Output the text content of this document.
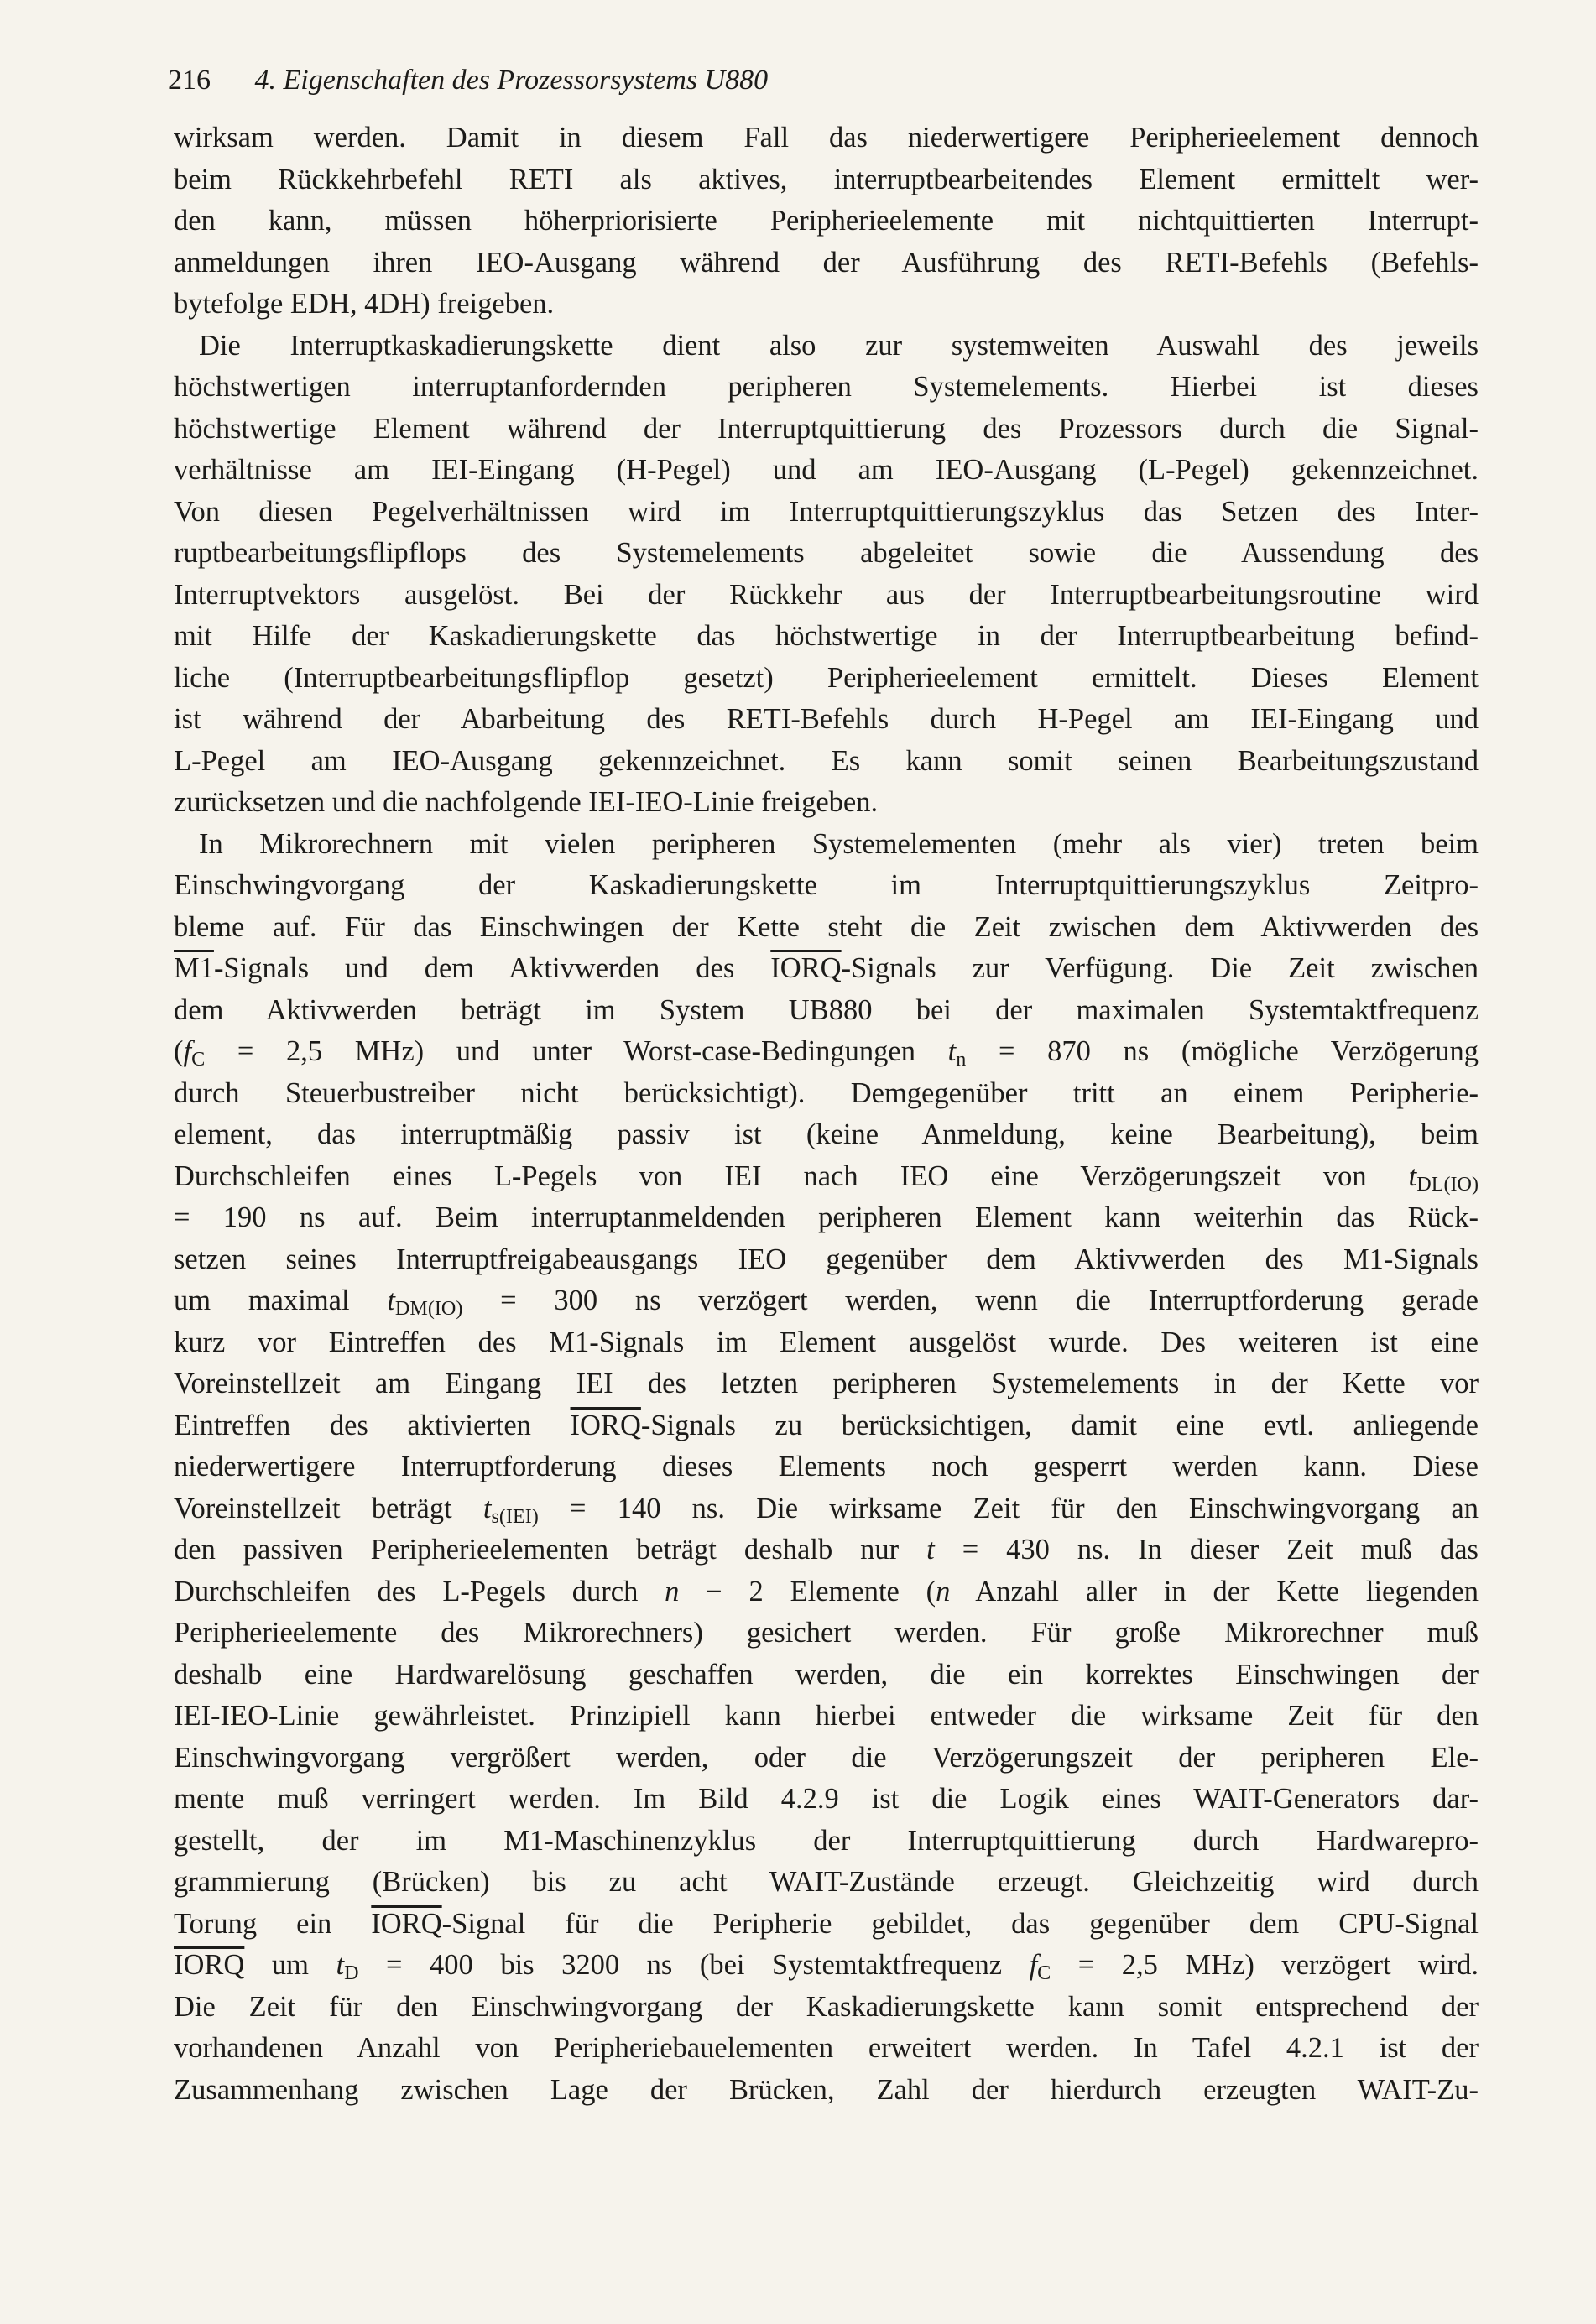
216 4. Eigenschaften des Prozessorsystems U880
wirksam werden. Damit in diesem Fall das niederwertigere Peripherieelement dennoch
beim Rückkehrbefehl RETI als aktives, interruptbearbeitendes Element ermittelt wer-
den kann, müssen höherpriorisierte Peripherieelemente mit nichtquittierten Interrupt-
anmeldungen ihren IEO-Ausgang während der Ausführung des RETI-Befehls (Befehls-
bytefolge EDH, 4DH) freigeben.
Die Interruptkaskadierungskette dient also zur systemweiten Auswahl des jeweils
höchstwertigen interruptanfordernden peripheren Systemelements. Hierbei ist dieses
höchstwertige Element während der Interruptquittierung des Prozessors durch die Signal-
verhältnisse am IEI-Eingang (H-Pegel) und am IEO-Ausgang (L-Pegel) gekennzeichnet.
Von diesen Pegelverhältnissen wird im Interruptquittierungszyklus das Setzen des Inter-
ruptbearbeitungsflipflops des Systemelements abgeleitet sowie die Aussendung des
Interruptvektors ausgelöst. Bei der Rückkehr aus der Interruptbearbeitungsroutine wird
mit Hilfe der Kaskadierungskette das höchstwertige in der Interruptbearbeitung befind-
liche (Interruptbearbeitungsflipflop gesetzt) Peripherieelement ermittelt. Dieses Element
ist während der Abarbeitung des RETI-Befehls durch H-Pegel am IEI-Eingang und
L-Pegel am IEO-Ausgang gekennzeichnet. Es kann somit seinen Bearbeitungszustand
zurücksetzen und die nachfolgende IEI-IEO-Linie freigeben.
In Mikrorechnern mit vielen peripheren Systemelementen (mehr als vier) treten beim
Einschwingvorgang der Kaskadierungskette im Interruptquittierungszyklus Zeitpro-
bleme auf. Für das Einschwingen der Kette steht die Zeit zwischen dem Aktivwerden des
M1-Signals und dem Aktivwerden des IORQ-Signals zur Verfügung. Die Zeit zwischen
dem Aktivwerden beträgt im System UB880 bei der maximalen Systemtaktfrequenz
($f_C = 2,5$ MHz) und unter Worst-case-Bedingungen $t_n = 870$ ns (mögliche Verzögerung
durch Steuerbustreiber nicht berücksichtigt). Demgegenüber tritt an einem Peripherie-
element, das interruptmäßig passiv ist (keine Anmeldung, keine Bearbeitung), beim
Durchschleifen eines L-Pegels von IEI nach IEO eine Verzögerungszeit von $t_{DL(IO)}$
= 190 ns auf. Beim interruptanmeldenden peripheren Element kann weiterhin das Rück-
setzen seines Interruptfreigabeausgangs IEO gegenüber dem Aktivwerden des M1-Signals
um maximal $t_{DM(IO)} = 300$ ns verzögert werden, wenn die Interruptforderung gerade
kurz vor Eintreffen des M1-Signals im Element ausgelöst wurde. Des weiteren ist eine
Voreinstellzeit am Eingang IEI des letzten peripheren Systemelements in der Kette vor
Eintreffen des aktivierten IORQ-Signals zu berücksichtigen, damit eine evtl. anliegende
niederwertigere Interruptforderung dieses Elements noch gesperrt werden kann. Diese
Voreinstellzeit beträgt $t_{s(IEI)} = 140$ ns. Die wirksame Zeit für den Einschwingvorgang an
den passiven Peripherieelementen beträgt deshalb nur t = 430 ns. In dieser Zeit muß das
Durchschleifen des L-Pegels durch n − 2 Elemente (n Anzahl aller in der Kette liegenden
Peripherieelemente des Mikrorechners) gesichert werden. Für große Mikrorechner muß
deshalb eine Hardwarelösung geschaffen werden, die ein korrektes Einschwingen der
IEI-IEO-Linie gewährleistet. Prinzipiell kann hierbei entweder die wirksame Zeit für den
Einschwingvorgang vergrößert werden, oder die Verzögerungszeit der peripheren Ele-
mente muß verringert werden. Im Bild 4.2.9 ist die Logik eines WAIT-Generators dar-
gestellt, der im M1-Maschinenzyklus der Interruptquittierung durch Hardwarepro-
grammierung (Brücken) bis zu acht WAIT-Zustände erzeugt. Gleichzeitig wird durch
Torung ein IORQ-Signal für die Peripherie gebildet, das gegenüber dem CPU-Signal
IORQ um $t_D = 400$ bis 3200 ns (bei Systemtaktfrequenz $f_C = 2,5$ MHz) verzögert wird.
Die Zeit für den Einschwingvorgang der Kaskadierungskette kann somit entsprechend der
vorhandenen Anzahl von Peripheriebauelementen erweitert werden. In Tafel 4.2.1 ist der
Zusammenhang zwischen Lage der Brücken, Zahl der hierdurch erzeugten WAIT-Zu-
